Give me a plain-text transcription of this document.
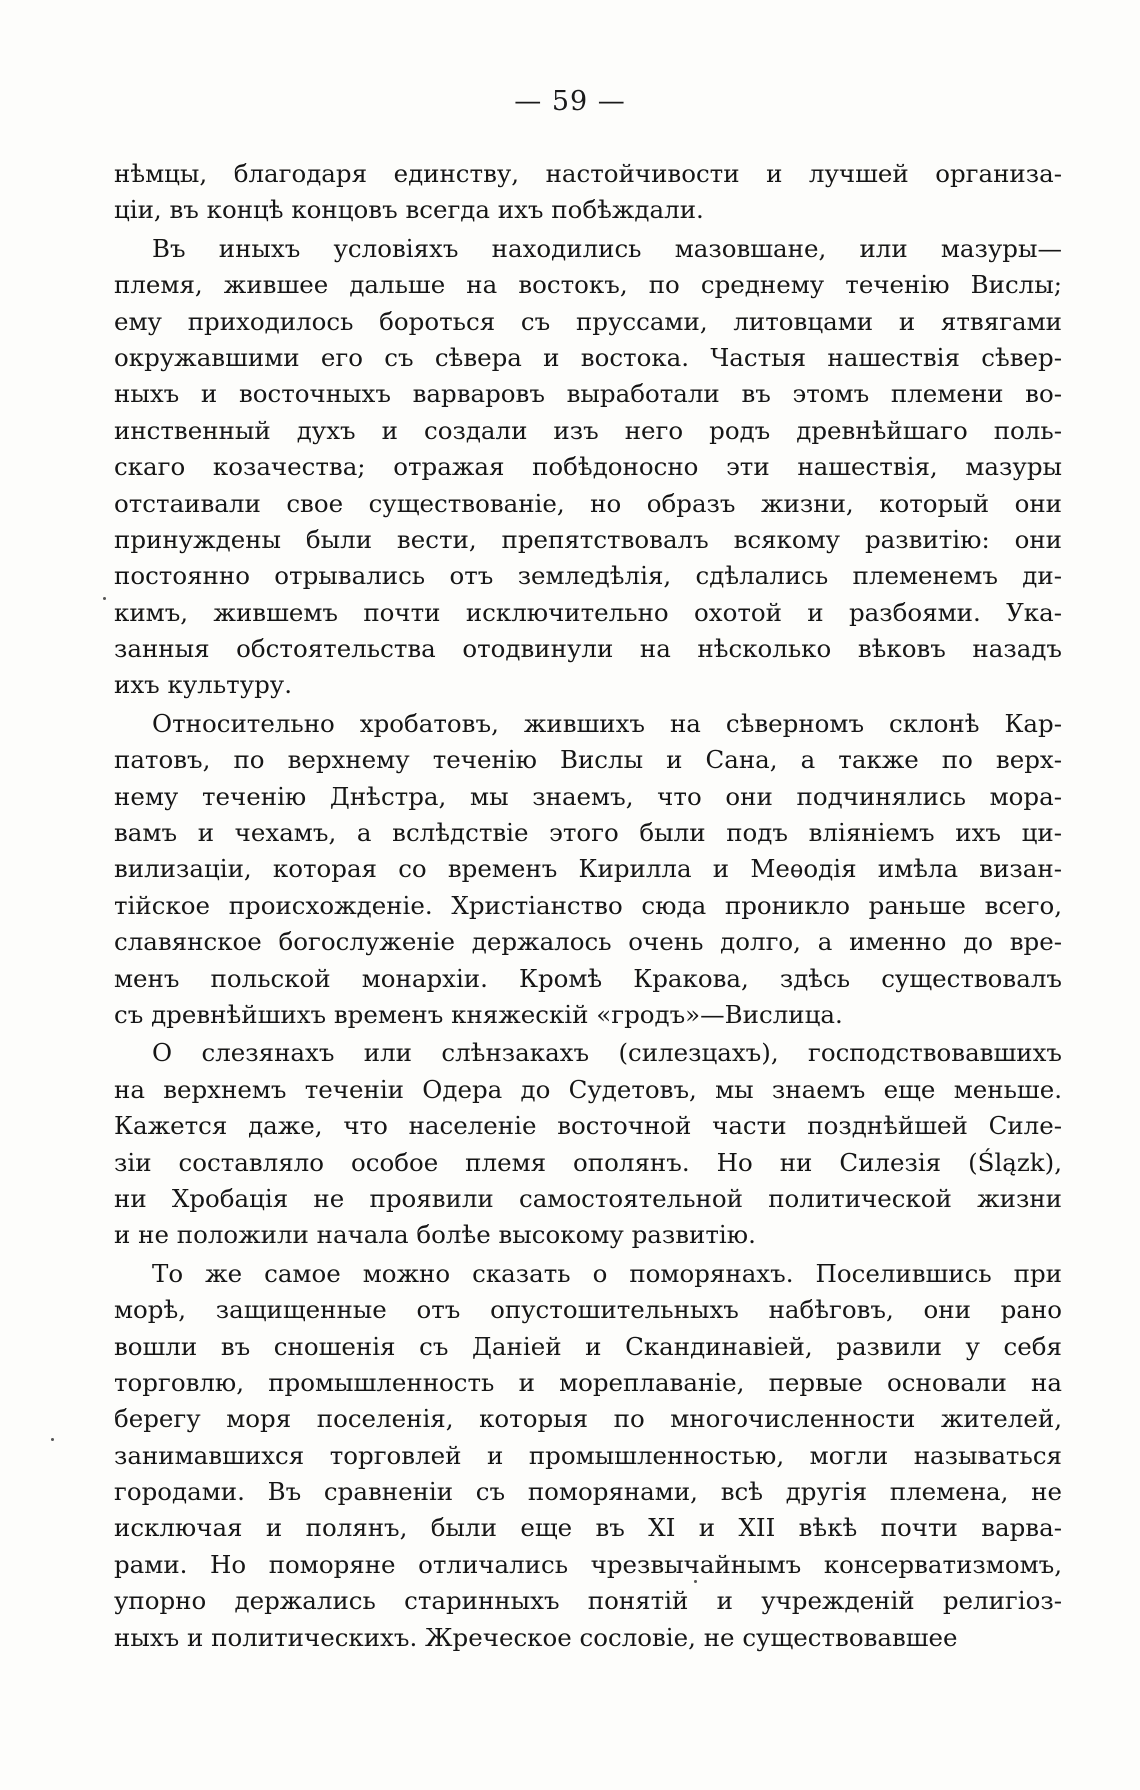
— 59 —
нѣмцы, благодаря единству, настойчивости и лучшей организа-
ціи, въ концѣ концовъ всегда ихъ побѣждали.
Въ иныхъ условіяхъ находились мазовшане, или мазуры—
племя, жившее дальше на востокъ, по среднему теченію Вислы;
ему приходилось бороться съ пруссами, литовцами и ятвягами
окружавшими его съ сѣвера и востока. Частыя нашествія сѣвер-
ныхъ и восточныхъ варваровъ выработали въ этомъ племени во-
инственный духъ и создали изъ него родъ древнѣйшаго поль-
скаго козачества; отражая побѣдоносно эти нашествія, мазуры
отстаивали свое существованіе, но образъ жизни, который они
принуждены были вести, препятствовалъ всякому развитію: они
постоянно отрывались отъ земледѣлія, сдѣлались племенемъ ди-
кимъ, жившемъ почти исключительно охотой и разбоями. Ука-
занныя обстоятельства отодвинули на нѣсколько вѣковъ назадъ
ихъ культуру.
Относительно хробатовъ, жившихъ на сѣверномъ склонѣ Кар-
патовъ, по верхнему теченію Вислы и Сана, а также по верх-
нему теченію Днѣстра, мы знаемъ, что они подчинялись мора-
вамъ и чехамъ, а вслѣдствіе этого были подъ вліяніемъ ихъ ци-
вилизаціи, которая со временъ Кирилла и Меѳодія имѣла визан-
тійское происхожденіе. Христіанство сюда проникло раньше всего,
славянское богослуженіе держалось очень долго, а именно до вре-
менъ польской монархіи. Кромѣ Кракова, здѣсь существовалъ
съ древнѣйшихъ временъ княжескій «гродъ»—Вислица.
О слезянахъ или слѣнзакахъ (силезцахъ), господствовавшихъ
на верхнемъ теченіи Одера до Судетовъ, мы знаемъ еще меньше.
Кажется даже, что населеніе восточной части позднѣйшей Силе-
зіи составляло особое племя ополянъ. Но ни Силезія (Ślązk),
ни Хробація не проявили самостоятельной политической жизни
и не положили начала болѣе высокому развитію.
То же самое можно сказать о поморянахъ. Поселившись при
морѣ, защищенные отъ опустошительныхъ набѣговъ, они рано
вошли въ сношенія съ Даніей и Скандинавіей, развили у себя
торговлю, промышленность и мореплаваніе, первые основали на
берегу моря поселенія, которыя по многочисленности жителей,
занимавшихся торговлей и промышленностью, могли называться
городами. Въ сравненіи съ поморянами, всѣ другія племена, не
исключая и полянъ, были еще въ XI и XII вѣкѣ почти варва-
рами. Но поморяне отличались чрезвычайнымъ консерватизмомъ,
упорно держались старинныхъ понятій и учрежденій религіоз-
ныхъ и политическихъ. Жреческое сословіе, не существовавшее
